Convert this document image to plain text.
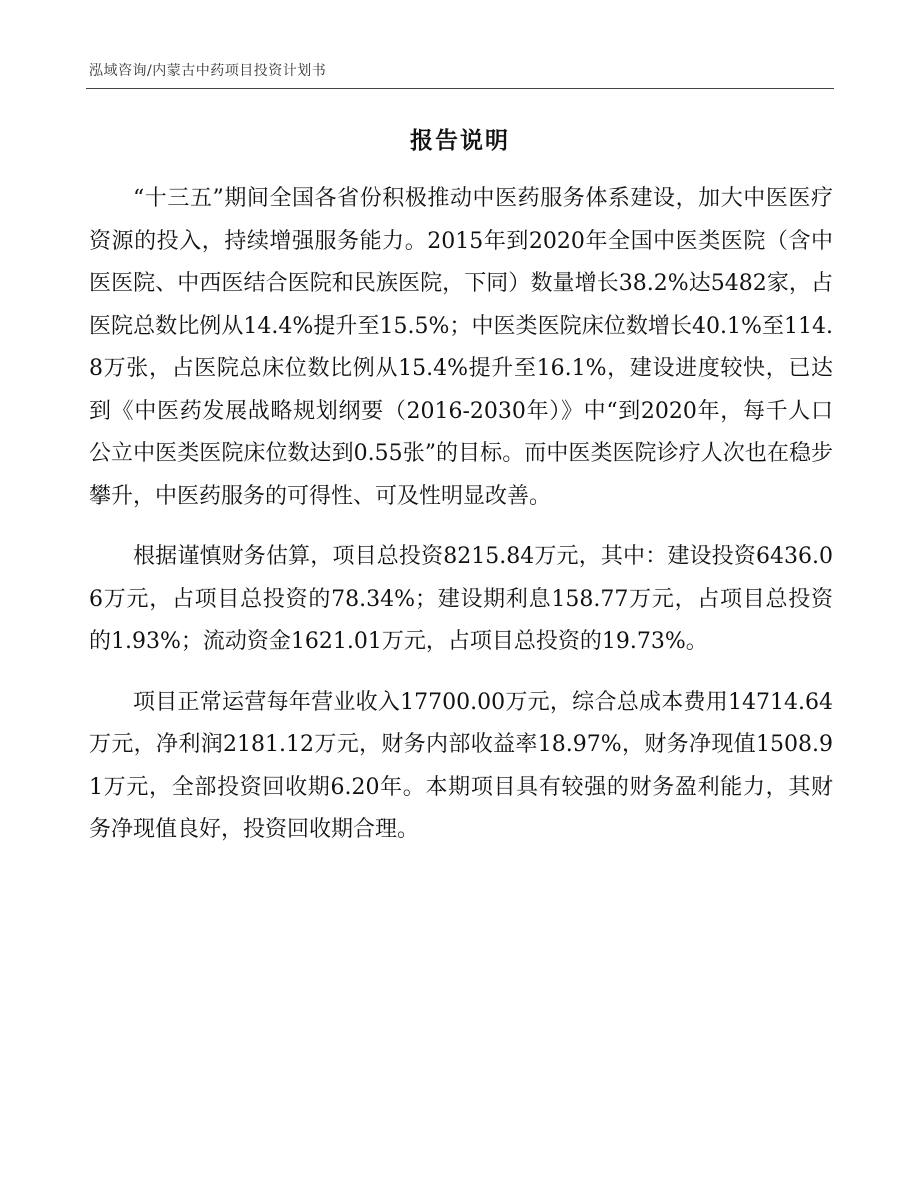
泓域咨询/内蒙古中药项目投资计划书
报告说明

“十三五”期间全国各省份积极推动中医药服务体系建设，加大中医医疗资源的投入，持续增强服务能力。2015年到2020年全国中医类医院（含中医医院、中西医结合医院和民族医院，下同）数量增长38.2%达5482家，占医院总数比例从14.4%提升至15.5%；中医类医院床位数增长40.1%至114.8万张，占医院总床位数比例从15.4%提升至16.1%，建设进度较快，已达到《中医药发展战略规划纲要（2016-2030年）》中“到2020年，每千人口公立中医类医院床位数达到0.55张”的目标。而中医类医院诊疗人次也在稳步攀升，中医药服务的可得性、可及性明显改善。

根据谨慎财务估算，项目总投资8215.84万元，其中：建设投资6436.06万元，占项目总投资的78.34%；建设期利息158.77万元，占项目总投资的1.93%；流动资金1621.01万元，占项目总投资的19.73%。

项目正常运营每年营业收入17700.00万元，综合总成本费用14714.64万元，净利润2181.12万元，财务内部收益率18.97%，财务净现值1508.91万元，全部投资回收期6.20年。本期项目具有较强的财务盈利能力，其财务净现值良好，投资回收期合理。
